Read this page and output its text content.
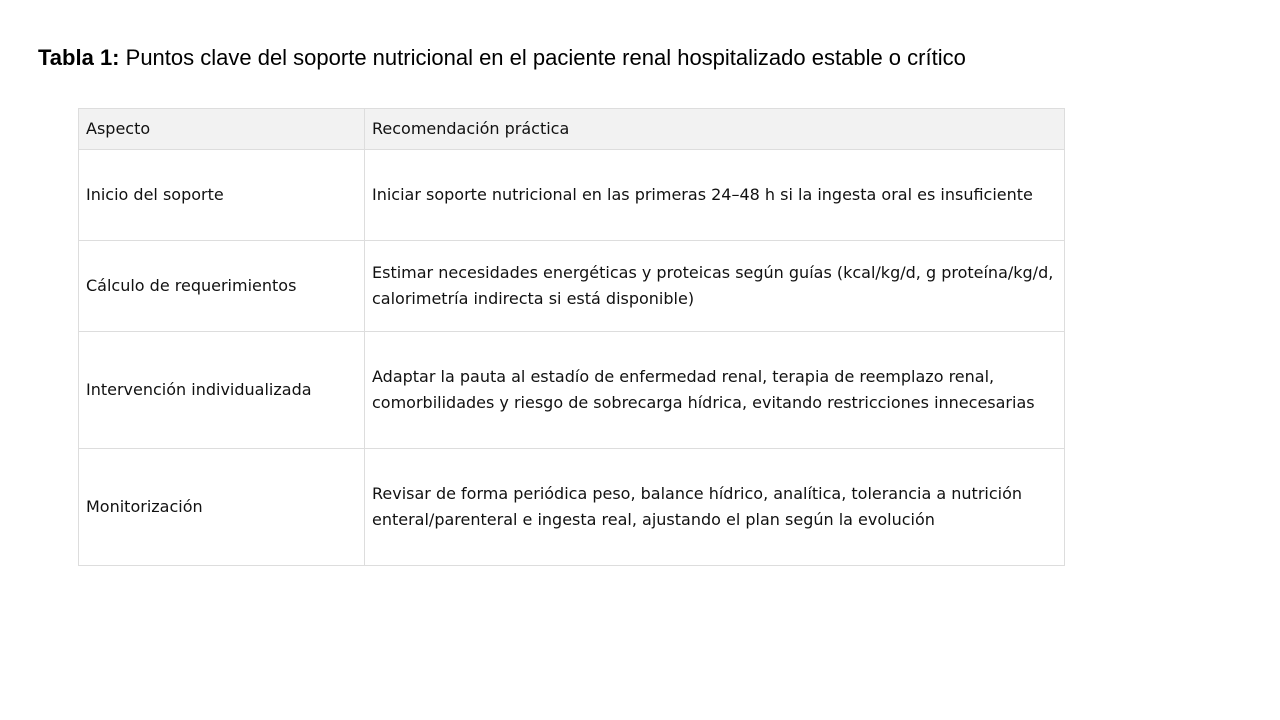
Tabla 1: Puntos clave del soporte nutricional en el paciente renal hospitalizado estable o crítico
Aspecto	Recomendación práctica
Inicio del soporte	Iniciar soporte nutricional en las primeras 24–48 h si la ingesta oral es insuficiente
Cálculo de requerimientos	Estimar necesidades energéticas y proteicas según guías (kcal/kg/d, g proteína/kg/d, calorimetría indirecta si está disponible)
Intervención individualizada	Adaptar la pauta al estadío de enfermedad renal, terapia de reemplazo renal, comorbilidades y riesgo de sobrecarga hídrica, evitando restricciones innecesarias
Monitorización	Revisar de forma periódica peso, balance hídrico, analítica, tolerancia a nutrición enteral/parenteral e ingesta real, ajustando el plan según la evolución
